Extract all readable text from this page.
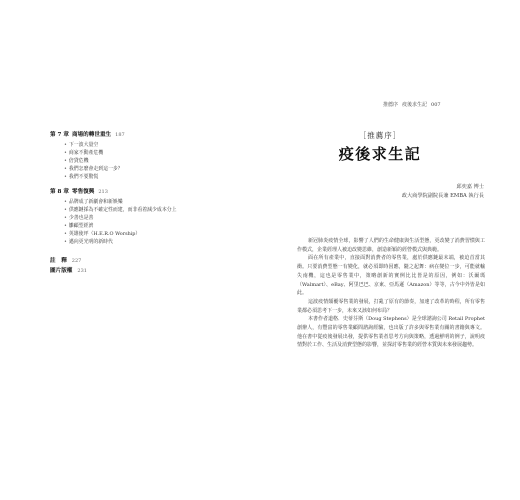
第 7 章 商場的轉世重生 187
• 下一波大量空
• 商家不動產危機
• 倍貸危機
• 我們怎麼會走到這一步？
• 我們不要驚慌
第 8 章 零售復興 213
• 品牌成了新劇會和新娛樂
• 供應鏈採為不確定性而建，而非看着減少成本分上
• 少善也是善
• 雛顧型經濟
• 英雄使坪（H.E.R.O Worship）
• 邁向更光明的新時代
註　釋 227
圖片版權 231
推薦序 疫後求生記 007
［推薦序］
疫後求生記
邱奕嘉 博士
政大商學院副院長兼 EMBA 執行長

新冠肺炎疫情全球，影響了人們的生命健康與生活型態，更改變了消費習慣與工作模式，企業經理人被迫改變思維，創造新穎的經營模式與典範。

面在所有產業中，直接面對消費者的零售業，處於供應鏈最末端，被迫首當其衝。只要消費型態一有變化，就必須即時因應，隨之起舞：病在變位一步，可能就輸失南機，這也是零售業中，策略創新的實例比比皆是的原因，例如：沃爾瑪（Walmart）、eBay、阿里巴巴、京東、亞馬遜（Amazon）等等，古今中外皆是如此。

這波疫情顛覆零售業的發展，打亂了原有的節奏，加速了改革的時程，所有零售業都必須思考下一步，未來又該如何布局？

本書作者道格．史蒂芬斯（Doug Stephens）是全球諮詢公司 Retail Prophet 創辦人，有豐富的零售業顧問諮詢經驗，也出版了許多與零售業有關的書籍與專文。他在書中從疫後發展出發，提供零售業者思考方向與策略，透過鮮明的例子，說明疫情對於工作、生活及消費型態的影響，並探討零售業的經營本質與未來發展趨勢。
